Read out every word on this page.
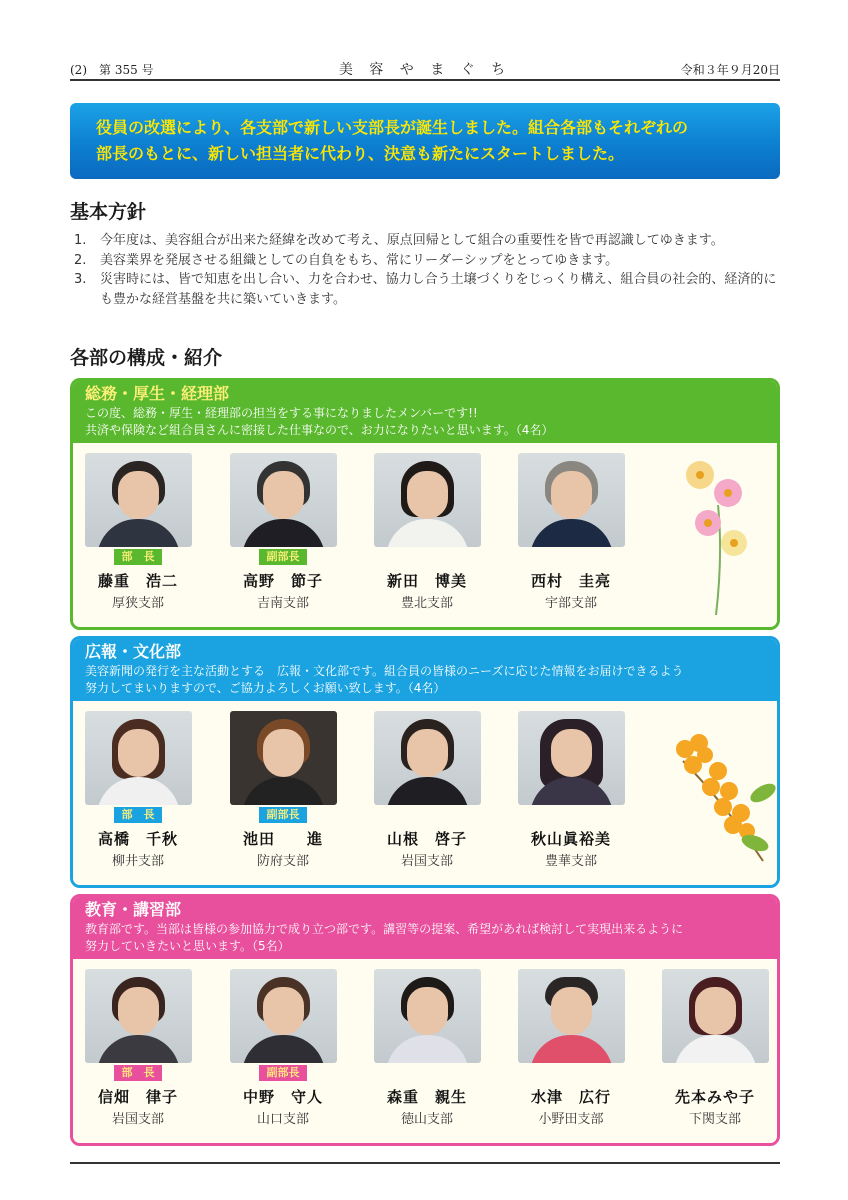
(2)　第 355 号	美 容 や ま ぐ ち	令和３年９月20日
役員の改選により、各支部で新しい支部長が誕生しました。組合各部もそれぞれの
部長のもとに、新しい担当者に代わり、決意も新たにスタートしました。
基本方針
1. 今年度は、美容組合が出来た経緯を改めて考え、原点回帰として組合の重要性を皆で再認識してゆきます。
2. 美容業界を発展させる組織としての自負をもち、常にリーダーシップをとってゆきます。
3. 災害時には、皆で知恵を出し合い、力を合わせ、協力し合う土壌づくりをじっくり構え、組合員の社会的、経済的にも豊かな経営基盤を共に築いていきます。
各部の構成・紹介
総務・厚生・経理部
この度、総務・厚生・経理部の担当をする事になりましたメンバーです!!
共済や保険など組合員さんに密接した仕事なので、お力になりたいと思います。（4名）
部　長
藤重　浩二
厚狭支部
副部長
高野　節子
吉南支部
新田　博美
豊北支部
西村　圭亮
宇部支部
広報・文化部
美容新聞の発行を主な活動とする　広報・文化部です。組合員の皆様のニーズに応じた情報をお届けできるよう
努力してまいりますので、ご協力よろしくお願い致します。（4名）
部　長
高橋　千秋
柳井支部
副部長
池田　　進
防府支部
山根　啓子
岩国支部
秋山眞裕美
豊華支部
教育・講習部
教育部です。当部は皆様の参加協力で成り立つ部です。講習等の提案、希望があれば検討して実現出来るように
努力していきたいと思います。（5名）
部　長
信畑　律子
岩国支部
副部長
中野　守人
山口支部
森重　親生
徳山支部
水津　広行
小野田支部
先本みや子
下関支部
